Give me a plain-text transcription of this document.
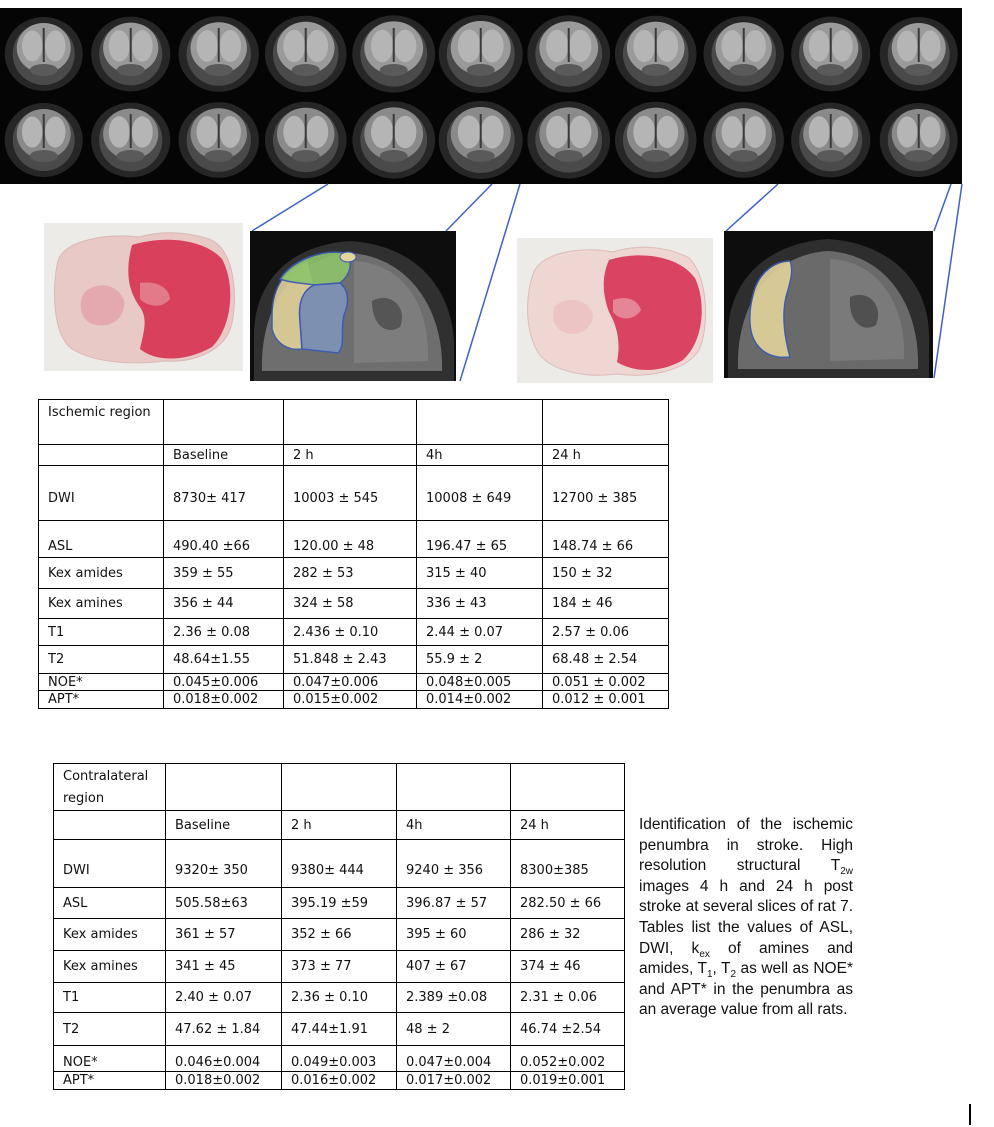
Ischemic region				
	Baseline	2 h	4h	24 h
DWI	8730± 417	10003 ± 545	10008 ± 649	12700 ± 385
ASL	490.40 ±66	120.00 ± 48	196.47 ± 65	148.74 ± 66
Kex amides	359 ± 55	282 ± 53	315 ± 40	150 ± 32
Kex amines	356 ± 44	324 ± 58	336 ± 43	184 ± 46
T1	2.36 ± 0.08	2.436 ± 0.10	2.44 ± 0.07	2.57 ± 0.06
T2	48.64±1.55	51.848 ± 2.43	55.9 ± 2	68.48 ± 2.54
NOE*	0.045±0.006	0.047±0.006	0.048±0.005	0.051 ± 0.002
APT*	0.018±0.002	0.015±0.002	0.014±0.002	0.012 ± 0.001
Contralateral region				
	Baseline	2 h	4h	24 h
DWI	9320± 350	9380± 444	9240 ± 356	8300±385
ASL	505.58±63	395.19 ±59	396.87 ± 57	282.50 ± 66
Kex amides	361 ± 57	352 ± 66	395 ± 60	286 ± 32
Kex amines	341 ± 45	373 ± 77	407 ± 67	374 ± 46
T1	2.40 ± 0.07	2.36 ± 0.10	2.389 ±0.08	2.31 ± 0.06
T2	47.62 ± 1.84	47.44±1.91	48 ± 2	46.74 ±2.54
NOE*	0.046±0.004	0.049±0.003	0.047±0.004	0.052±0.002
APT*	0.018±0.002	0.016±0.002	0.017±0.002	0.019±0.001
Identification of the ischemic penumbra in stroke. High resolution structural $T_{2w}$ images 4 h and 24 h post stroke at several slices of rat 7. Tables list the values of ASL, DWI, $k_{ex}$ of amines and amides, $T_1$, $T_2$ as well as NOE* and APT* in the penumbra as an average value from all rats.
